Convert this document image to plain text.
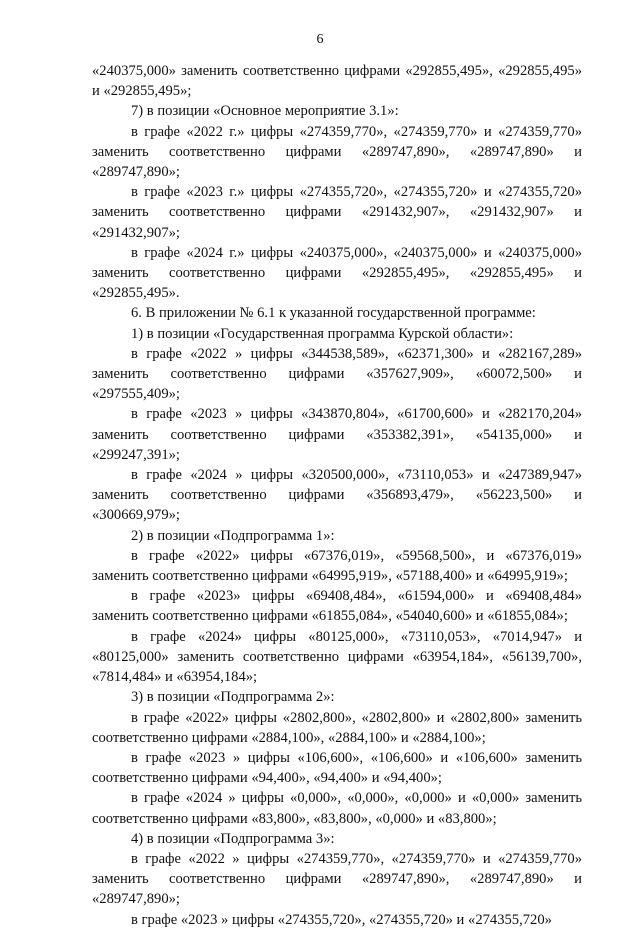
6

«240375,000» заменить соответственно цифрами «292855,495», «292855,495» и «292855,495»;

7) в позиции «Основное мероприятие 3.1»:

в графе «2022 г.» цифры «274359,770», «274359,770» и «274359,770» заменить соответственно цифрами «289747,890», «289747,890» и «289747,890»;

в графе «2023 г.» цифры «274355,720», «274355,720» и «274355,720» заменить соответственно цифрами «291432,907», «291432,907» и «291432,907»;

в графе «2024 г.» цифры «240375,000», «240375,000» и «240375,000» заменить соответственно цифрами «292855,495», «292855,495» и «292855,495».

6. В приложении № 6.1 к указанной государственной программе:

1) в позиции «Государственная программа Курской области»:

в графе «2022 » цифры «344538,589», «62371,300» и «282167,289» заменить соответственно цифрами «357627,909», «60072,500» и «297555,409»;

в графе «2023 » цифры «343870,804», «61700,600» и «282170,204» заменить соответственно цифрами «353382,391», «54135,000» и «299247,391»;

в графе «2024 » цифры «320500,000», «73110,053» и «247389,947» заменить соответственно цифрами «356893,479», «56223,500» и «300669,979»;

2) в позиции «Подпрограмма 1»:

в графе «2022» цифры «67376,019», «59568,500», и «67376,019» заменить соответственно цифрами «64995,919», «57188,400» и «64995,919»;

в графе «2023» цифры «69408,484», «61594,000» и «69408,484» заменить соответственно цифрами «61855,084», «54040,600» и «61855,084»;

в графе «2024» цифры «80125,000», «73110,053», «7014,947» и «80125,000» заменить соответственно цифрами «63954,184», «56139,700», «7814,484» и «63954,184»;

3) в позиции «Подпрограмма 2»:

в графе «2022» цифры «2802,800», «2802,800» и «2802,800» заменить соответственно цифрами «2884,100», «2884,100» и «2884,100»;

в графе «2023 » цифры «106,600», «106,600» и «106,600» заменить соответственно цифрами «94,400», «94,400» и «94,400»;

в графе «2024 » цифры «0,000», «0,000», «0,000» и «0,000» заменить соответственно цифрами «83,800», «83,800», «0,000» и «83,800»;

4) в позиции «Подпрограмма 3»:

в графе «2022 » цифры «274359,770», «274359,770» и «274359,770» заменить соответственно цифрами «289747,890», «289747,890» и «289747,890»;

в графе «2023 » цифры «274355,720», «274355,720» и «274355,720»
